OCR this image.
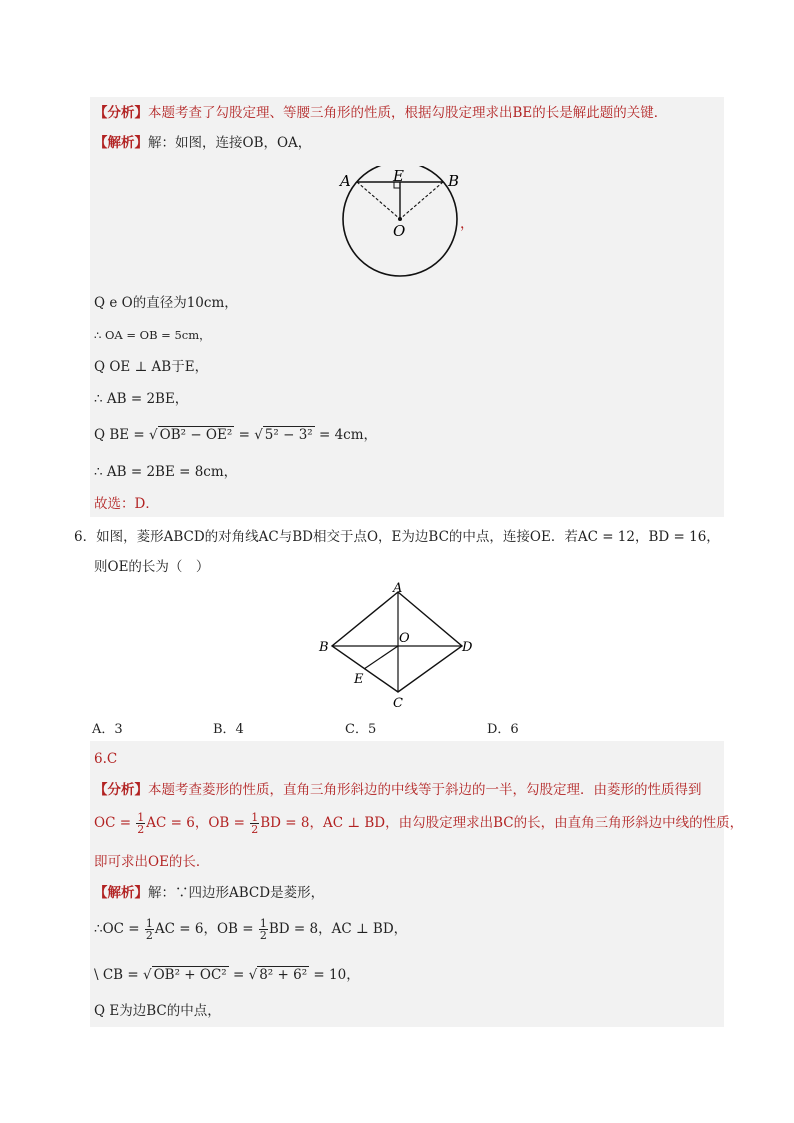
【分析】本题考查了勾股定理、等腰三角形的性质，根据勾股定理求出BE的长是解此题的关键．
【解析】解：如图，连接OB，OA，
A	E	B
O	，
Q e O的直径为10cm，
∴ OA = OB = 5cm，
Q OE ⊥ AB于E，
∴ AB = 2BE，
Q BE = √ OB² − OE² = √ 5² − 3² = 4cm，
∴ AB = 2BE = 8cm，
故选：D．
6．如图，菱形ABCD的对角线AC与BD相交于点O，E为边BC的中点，连接OE．若AC = 12，BD = 16，
则OE的长为（　）
A
B
C
D
O
E
A．3	B．4	C．5	D．6
6.C
【分析】本题考查菱形的性质，直角三角形斜边的中线等于斜边的一半，勾股定理．由菱形的性质得到
OC = $\frac{1}{2}$ AC = 6，OB = $\frac{1}{2}$ BD = 8，AC ⊥ BD，由勾股定理求出BC的长，由直角三角形斜边中线的性质，
即可求出OE的长．
【解析】解：∵四边形ABCD是菱形，
∴OC = $\frac{1}{2}$ AC = 6，OB = $\frac{1}{2}$ BD = 8，AC ⊥ BD，
\ CB = √ OB² + OC² = √ 8² + 6² = 10，
Q E为边BC的中点，
